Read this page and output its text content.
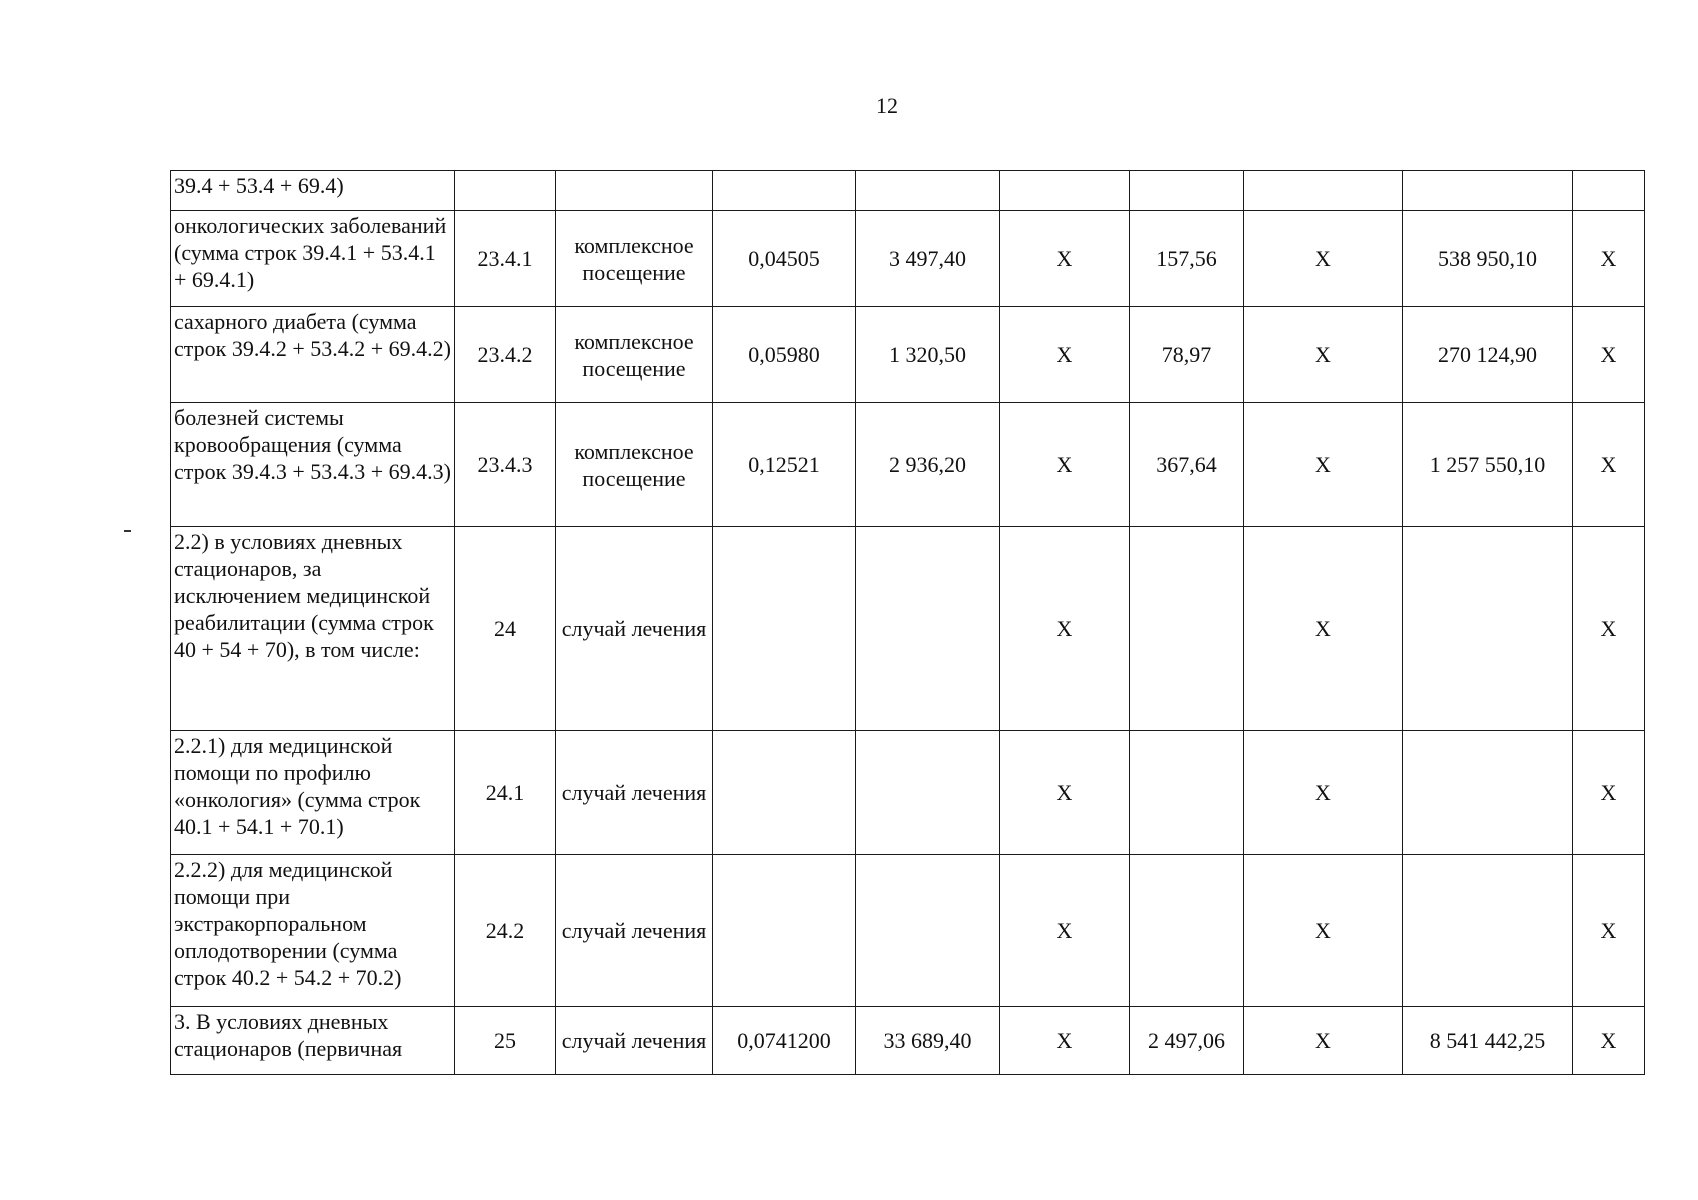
12
39.4 + 53.4 + 69.4)									
онкологических заболеваний (сумма строк 39.4.1 + 53.4.1 + 69.4.1)	23.4.1	комплексное посещение	0,04505	3 497,40	X	157,56	X	538 950,10	X
сахарного диабета (сумма строк 39.4.2 + 53.4.2 + 69.4.2)	23.4.2	комплексное посещение	0,05980	1 320,50	X	78,97	X	270 124,90	X
болезней системы кровообращения (сумма строк 39.4.3 + 53.4.3 + 69.4.3)	23.4.3	комплексное посещение	0,12521	2 936,20	X	367,64	X	1 257 550,10	X
2.2) в условиях дневных стационаров, за исключением медицинской реабилитации (сумма строк 40 + 54 + 70), в том числе:	24	случай лечения			X		X		X
2.2.1) для медицинской помощи по профилю «онкология» (сумма строк 40.1 + 54.1 + 70.1)	24.1	случай лечения			X		X		X
2.2.2) для медицинской помощи при экстракорпоральном оплодотворении (сумма строк 40.2 + 54.2 + 70.2)	24.2	случай лечения			X		X		X
3. В условиях дневных стационаров (первичная	25	случай лечения	0,0741200	33 689,40	X	2 497,06	X	8 541 442,25	X
